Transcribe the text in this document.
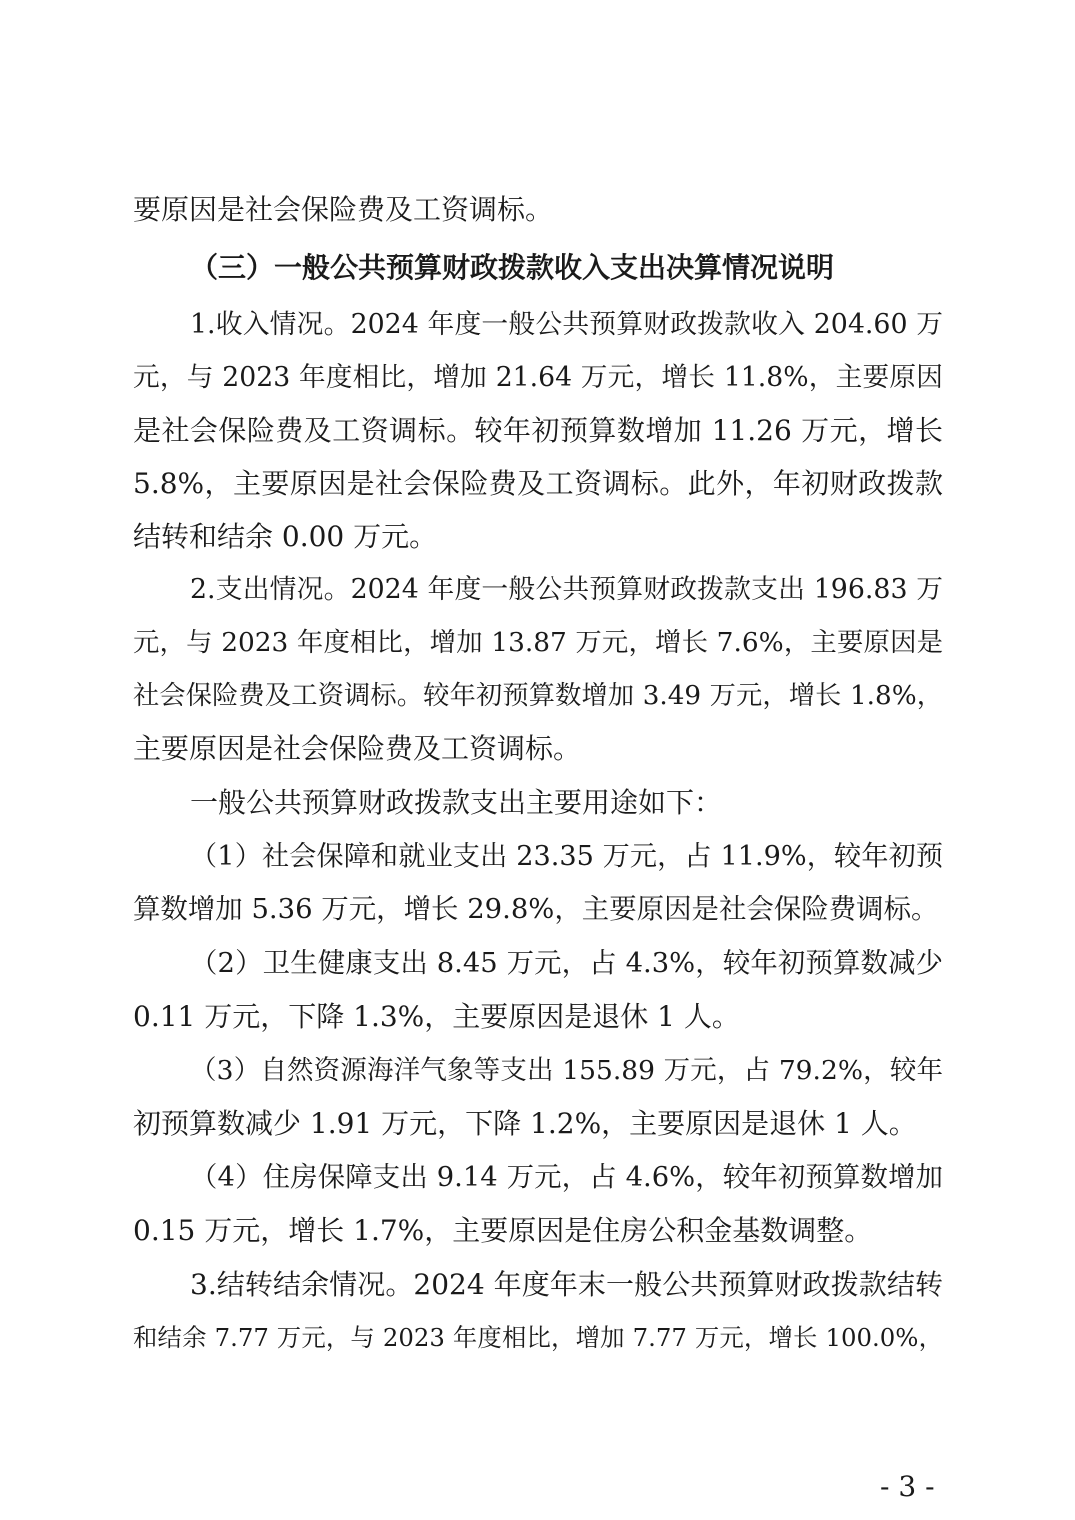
要原因是社会保险费及工资调标。
（三）一般公共预算财政拨款收入支出决算情况说明
1.收入情况。2024 年度一般公共预算财政拨款收入 204.60 万
元，与 2023 年度相比，增加 21.64 万元，增长 11.8%，主要原因
是社会保险费及工资调标。较年初预算数增加 11.26 万元，增长
5.8%，主要原因是社会保险费及工资调标。此外，年初财政拨款
结转和结余 0.00 万元。
2.支出情况。2024 年度一般公共预算财政拨款支出 196.83 万
元，与 2023 年度相比，增加 13.87 万元，增长 7.6%，主要原因是
社会保险费及工资调标。较年初预算数增加 3.49 万元，增长 1.8%，
主要原因是社会保险费及工资调标。
一般公共预算财政拨款支出主要用途如下：
（1）社会保障和就业支出 23.35 万元，占 11.9%，较年初预
算数增加 5.36 万元，增长 29.8%，主要原因是社会保险费调标。
（2）卫生健康支出 8.45 万元，占 4.3%，较年初预算数减少
0.11 万元，下降 1.3%，主要原因是退休 1 人。
（3）自然资源海洋气象等支出 155.89 万元，占 79.2%，较年
初预算数减少 1.91 万元，下降 1.2%，主要原因是退休 1 人。
（4）住房保障支出 9.14 万元，占 4.6%，较年初预算数增加
0.15 万元，增长 1.7%，主要原因是住房公积金基数调整。
3.结转结余情况。2024 年度年末一般公共预算财政拨款结转
和结余 7.77 万元，与 2023 年度相比，增加 7.77 万元，增长 100.0%，
- 3 -
